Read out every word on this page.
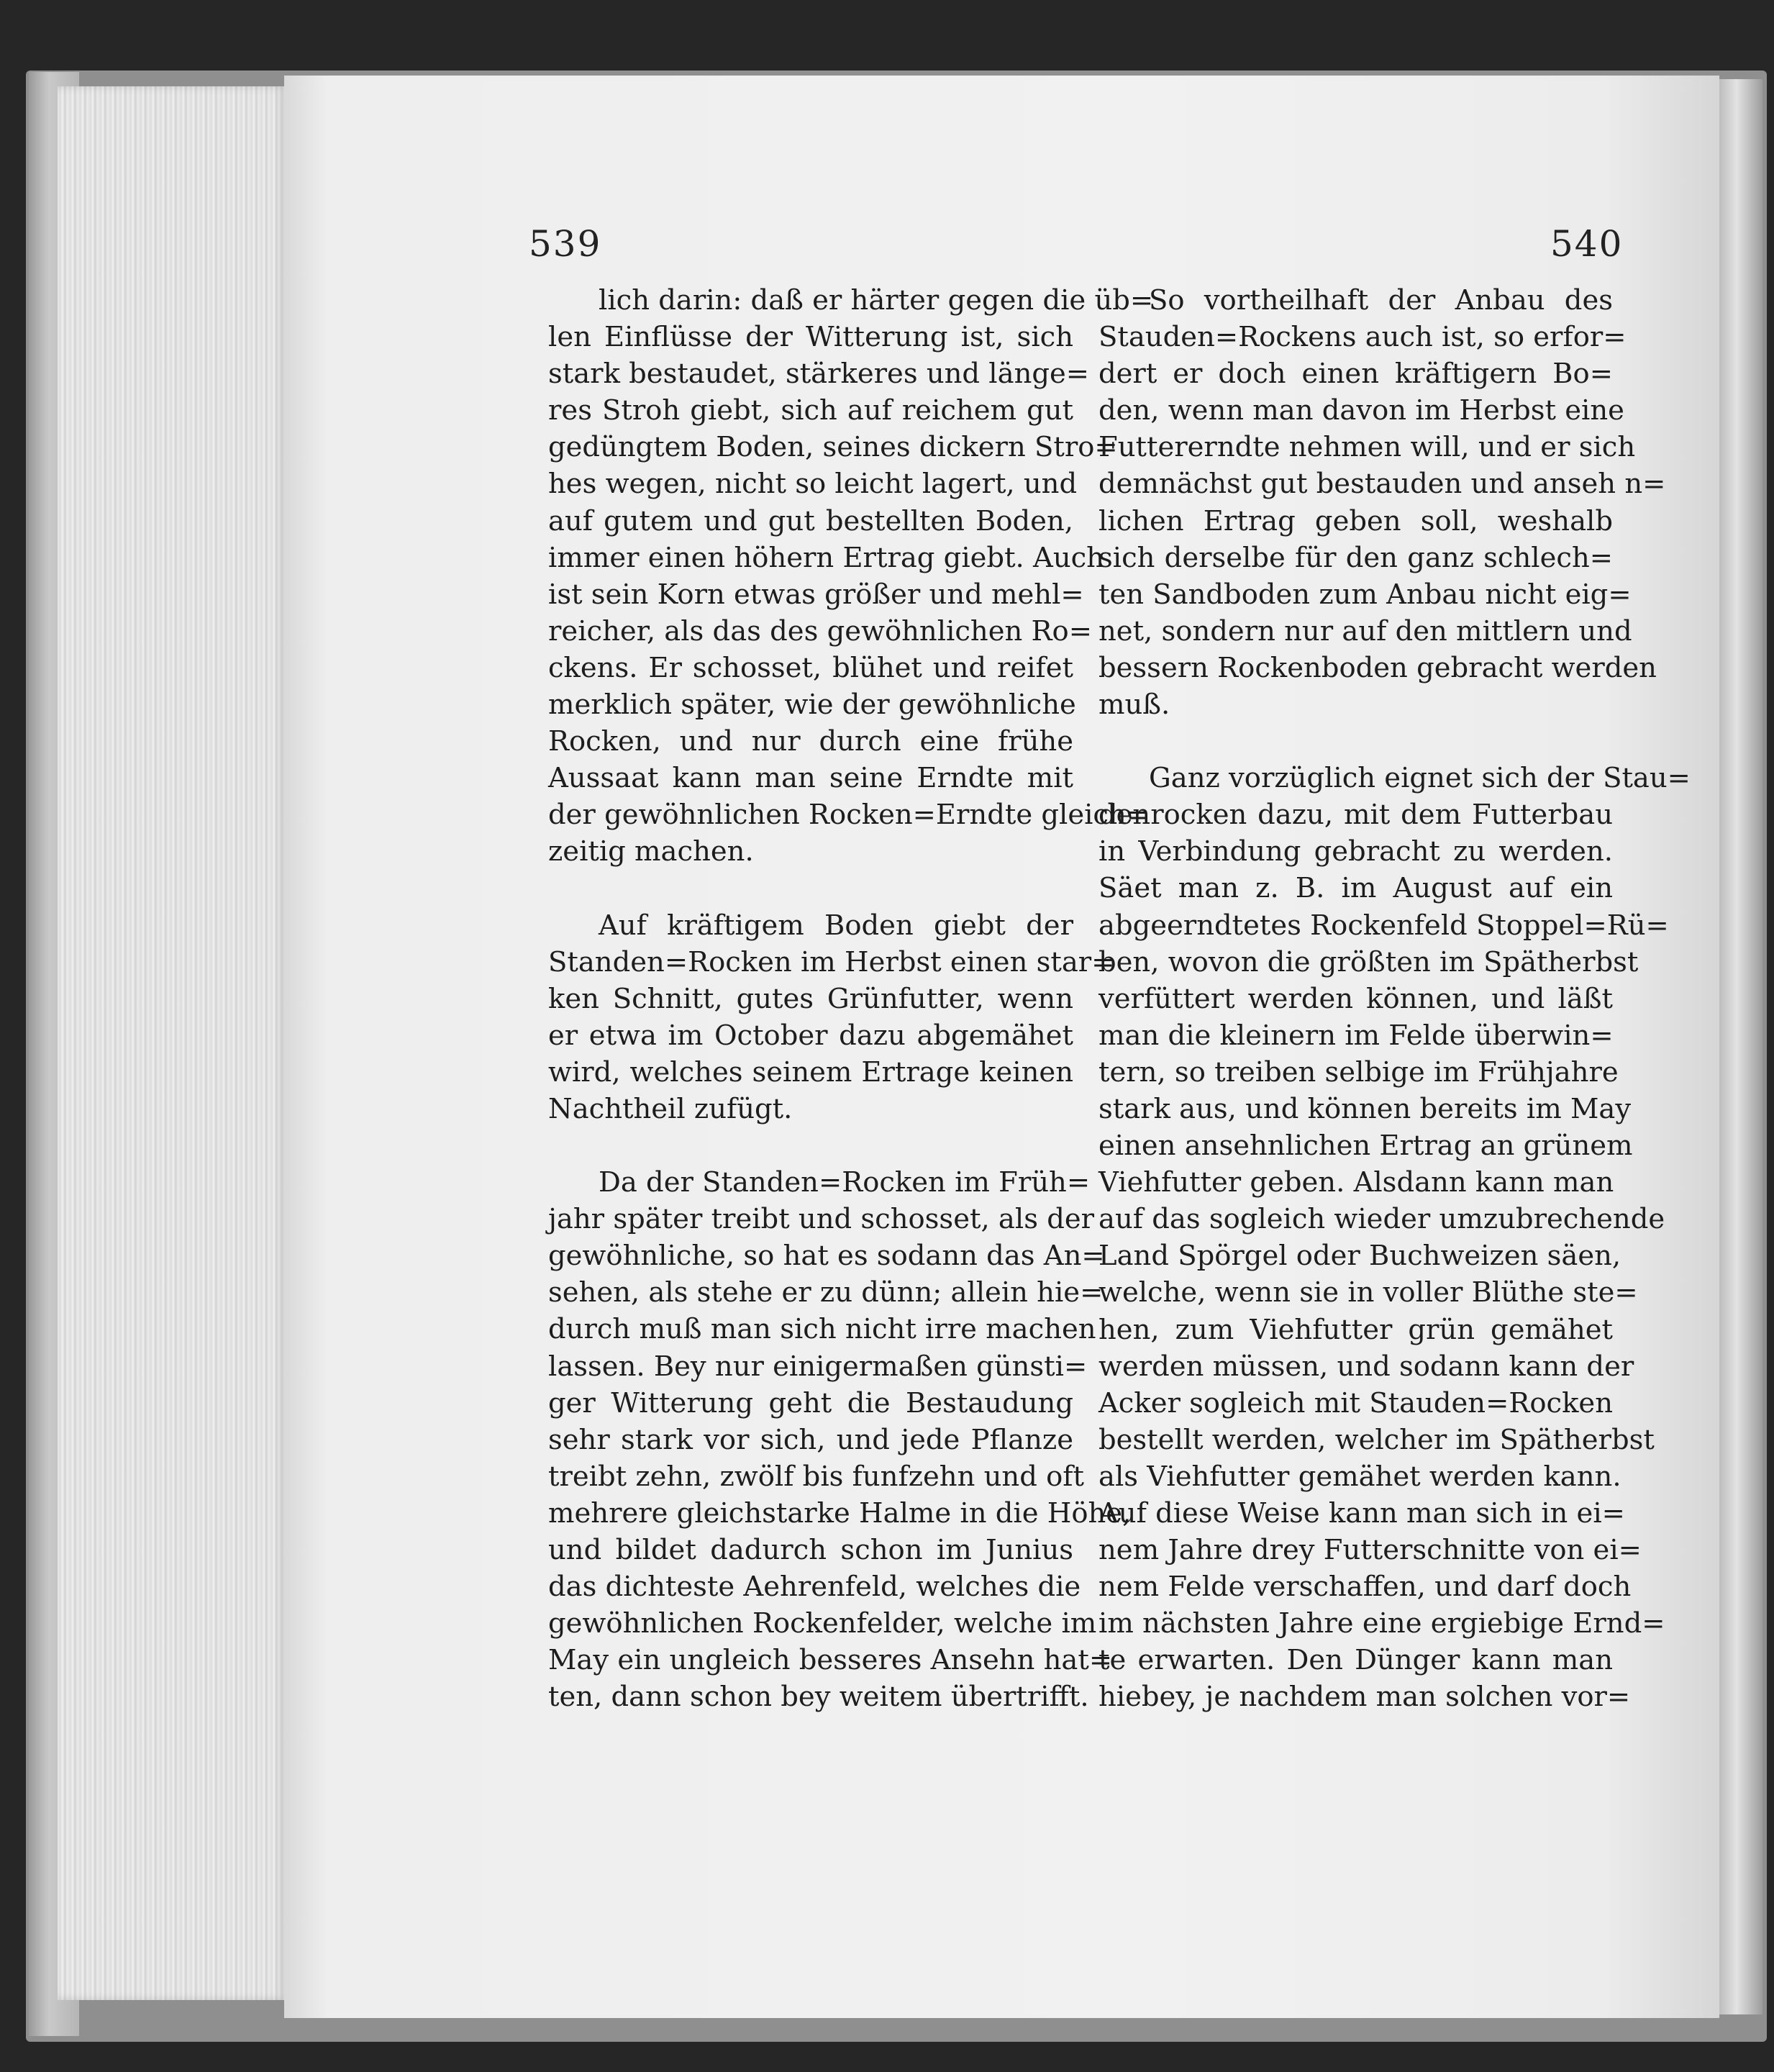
539	540

lich darin: daß er härter gegen die üb=
len Einflüsse der Witterung ist, sich
stark bestaudet, stärkeres und länge=
res Stroh giebt, sich auf reichem gut
gedüngtem Boden, seines dickern Stro=
hes wegen, nicht so leicht lagert, und
auf gutem und gut bestellten Boden,
immer einen höhern Ertrag giebt. Auch
ist sein Korn etwas größer und mehl=
reicher, als das des gewöhnlichen Ro=
ckens. Er schosset, blühet und reifet
merklich später, wie der gewöhnliche
Rocken, und nur durch eine frühe
Aussaat kann man seine Erndte mit
der gewöhnlichen Rocken=Erndte gleich=
zeitig machen.

Auf kräftigem Boden giebt der
Standen=Rocken im Herbst einen star=
ken Schnitt, gutes Grünfutter, wenn
er etwa im October dazu abgemähet
wird, welches seinem Ertrage keinen
Nachtheil zufügt.

Da der Standen=Rocken im Früh=
jahr später treibt und schosset, als der
gewöhnliche, so hat es sodann das An=
sehen, als stehe er zu dünn; allein hie=
durch muß man sich nicht irre machen
lassen. Bey nur einigermaßen günsti=
ger Witterung geht die Bestaudung
sehr stark vor sich, und jede Pflanze
treibt zehn, zwölf bis funfzehn und oft
mehrere gleichstarke Halme in die Höhe,
und bildet dadurch schon im Junius
das dichteste Aehrenfeld, welches die
gewöhnlichen Rockenfelder, welche im
May ein ungleich besseres Ansehn hat=
ten, dann schon bey weitem übertrifft.

So vortheilhaft der Anbau des
Stauden=Rockens auch ist, so erfor=
dert er doch einen kräftigern Bo=
den, wenn man davon im Herbst eine
Futtererndte nehmen will, und er sich
demnächst gut bestauden und anseh n=
lichen Ertrag geben soll, weshalb
sich derselbe für den ganz schlech=
ten Sandboden zum Anbau nicht eig=
net, sondern nur auf den mittlern und
bessern Rockenboden gebracht werden
muß.

Ganz vorzüglich eignet sich der Stau=
denrocken dazu, mit dem Futterbau
in Verbindung gebracht zu werden.
Säet man z. B. im August auf ein
abgeerndtetes Rockenfeld Stoppel=Rü=
ben, wovon die größten im Spätherbst
verfüttert werden können, und läßt
man die kleinern im Felde überwin=
tern, so treiben selbige im Frühjahre
stark aus, und können bereits im May
einen ansehnlichen Ertrag an grünem
Viehfutter geben. Alsdann kann man
auf das sogleich wieder umzubrechende
Land Spörgel oder Buchweizen säen,
welche, wenn sie in voller Blüthe ste=
hen, zum Viehfutter grün gemähet
werden müssen, und sodann kann der
Acker sogleich mit Stauden=Rocken
bestellt werden, welcher im Spätherbst
als Viehfutter gemähet werden kann.
Auf diese Weise kann man sich in ei=
nem Jahre drey Futterschnitte von ei=
nem Felde verschaffen, und darf doch
im nächsten Jahre eine ergiebige Ernd=
te erwarten. Den Dünger kann man
hiebey, je nachdem man solchen vor=
